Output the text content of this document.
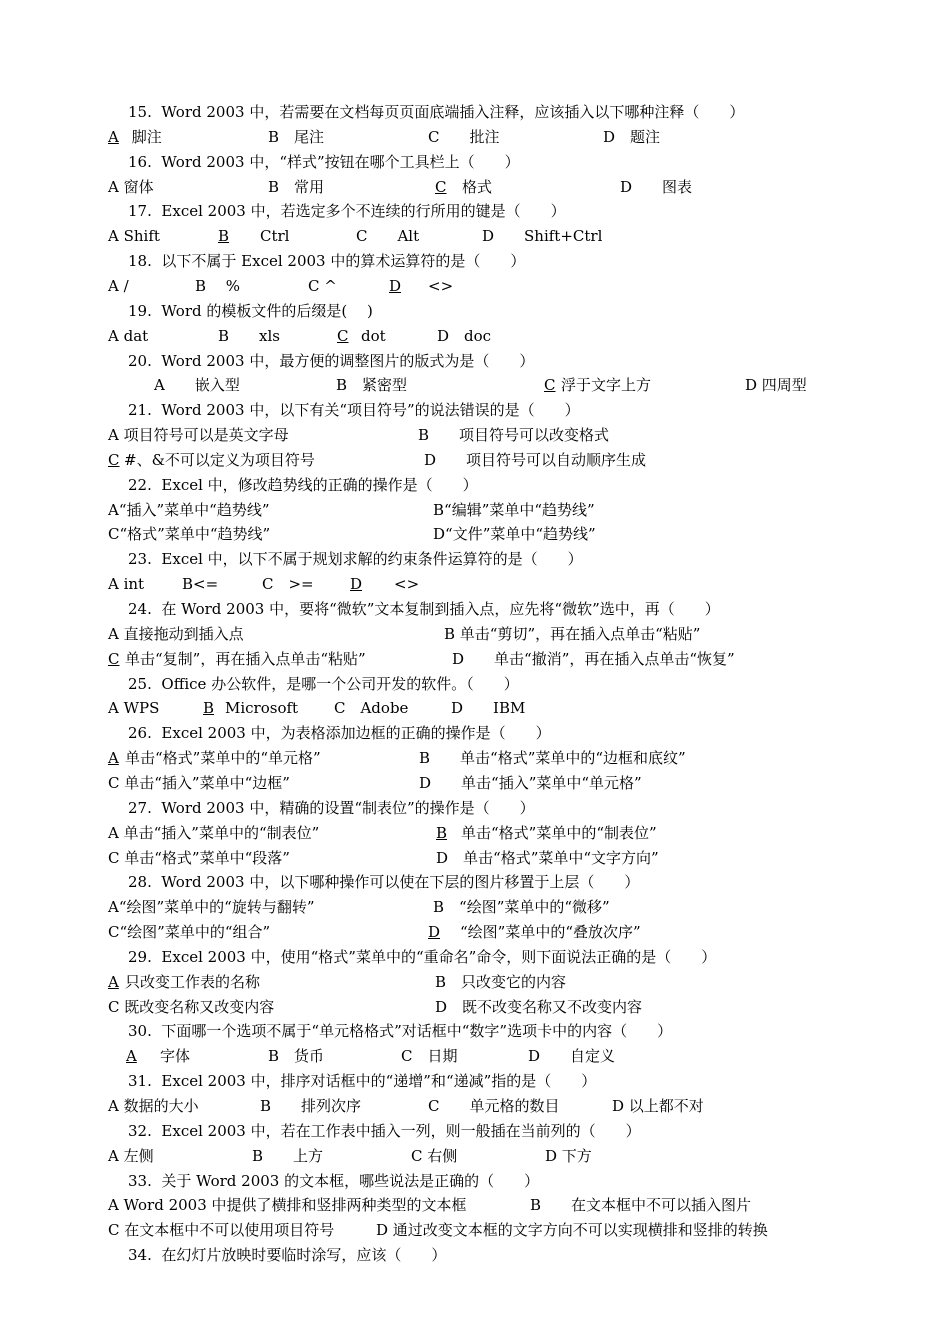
15. Word 2003 中，若需要在文档每页页面底端插入注释，应该插入以下哪种注释（　　）
A 脚注	B　尾注	C　　批注	D　题注
16. Word 2003 中，“样式”按钮在哪个工具栏上（　　）
A 窗体	B　常用	C 格式	D　　图表
17. Excel 2003 中，若选定多个不连续的行所用的键是（　　）
A Shift	B Ctrl	C　　Alt	D　　Shift+Ctrl
18. 以下不属于 Excel 2003 中的算术运算符的是（　　）
A /	B　 %	C ^	D <>
19. Word 的模板文件的后缀是(　 )
A dat	B　　xls	C dot	D　doc
20. Word 2003 中，最方便的调整图片的版式为是（　　）
A　　嵌入型	B　紧密型	C 浮于文字上方	D 四周型
21. Word 2003 中，以下有关“项目符号”的说法错误的是（　　）
A 项目符号可以是英文字母	B　　项目符号可以改变格式
C #、&不可以定义为项目符号	D　　项目符号可以自动顺序生成
22. Excel 中，修改趋势线的正确的操作是（　　）
A“插入”菜单中“趋势线”	B“编辑”菜单中“趋势线”
C“格式”菜单中“趋势线”	D“文件”菜单中“趋势线”
23. Excel 中，以下不属于规划求解的约束条件运算符的是（　　）
A int	B<=	C　>= D <>
24. 在 Word 2003 中，要将“微软”文本复制到插入点，应先将“微软”选中，再（　　）
A 直接拖动到插入点	B 单击“剪切”，再在插入点单击“粘贴”
C 单击“复制”，再在插入点单击“粘贴”	D　　单击“撤消”，再在插入点单击“恢复”
25. Office 办公软件，是哪一个公司开发的软件。（　　）
A WPS	B Microsoft C　Adobe	D　　IBM
26. Excel 2003 中，为表格添加边框的正确的操作是（　　）
A 单击“格式”菜单中的“单元格”	B　　单击“格式”菜单中的“边框和底纹”
C 单击“插入”菜单中“边框”	D　　单击“插入”菜单中“单元格”
27. Word 2003 中，精确的设置“制表位”的操作是（　　）
A 单击“插入”菜单中的“制表位”	B 单击“格式”菜单中的“制表位”
C 单击“格式”菜单中“段落”	D　单击“格式”菜单中“文字方向”
28. Word 2003 中，以下哪种操作可以使在下层的图片移置于上层（　　）
A“绘图”菜单中的“旋转与翻转”	B　“绘图”菜单中的“微移”
C“绘图”菜单中的“组合”	D “绘图”菜单中的“叠放次序”
29. Excel 2003 中，使用“格式”菜单中的“重命名”命令，则下面说法正确的是（　　）
A 只改变工作表的名称	B　只改变它的内容
C 既改变名称又改变内容	D　既不改变名称又不改变内容
30. 下面哪一个选项不属于“单元格格式”对话框中“数字”选项卡中的内容（　　）
A 字体	B　货币	C　日期	D　　自定义
31. Excel 2003 中，排序对话框中的“递增”和“递减”指的是（　　）
A 数据的大小	B　　排列次序	C　　单元格的数目	D 以上都不对
32. Excel 2003 中，若在工作表中插入一列，则一般插在当前列的（　　）
A 左侧	B　　上方	C 右侧	D 下方
33. 关于 Word 2003 的文本框，哪些说法是正确的（　　）
A Word 2003 中提供了横排和竖排两种类型的文本框	B　　在文本框中不可以插入图片
C 在文本框中不可以使用项目符号	D 通过改变文本框的文字方向不可以实现横排和竖排的转换
34. 在幻灯片放映时要临时涂写，应该（　　）
